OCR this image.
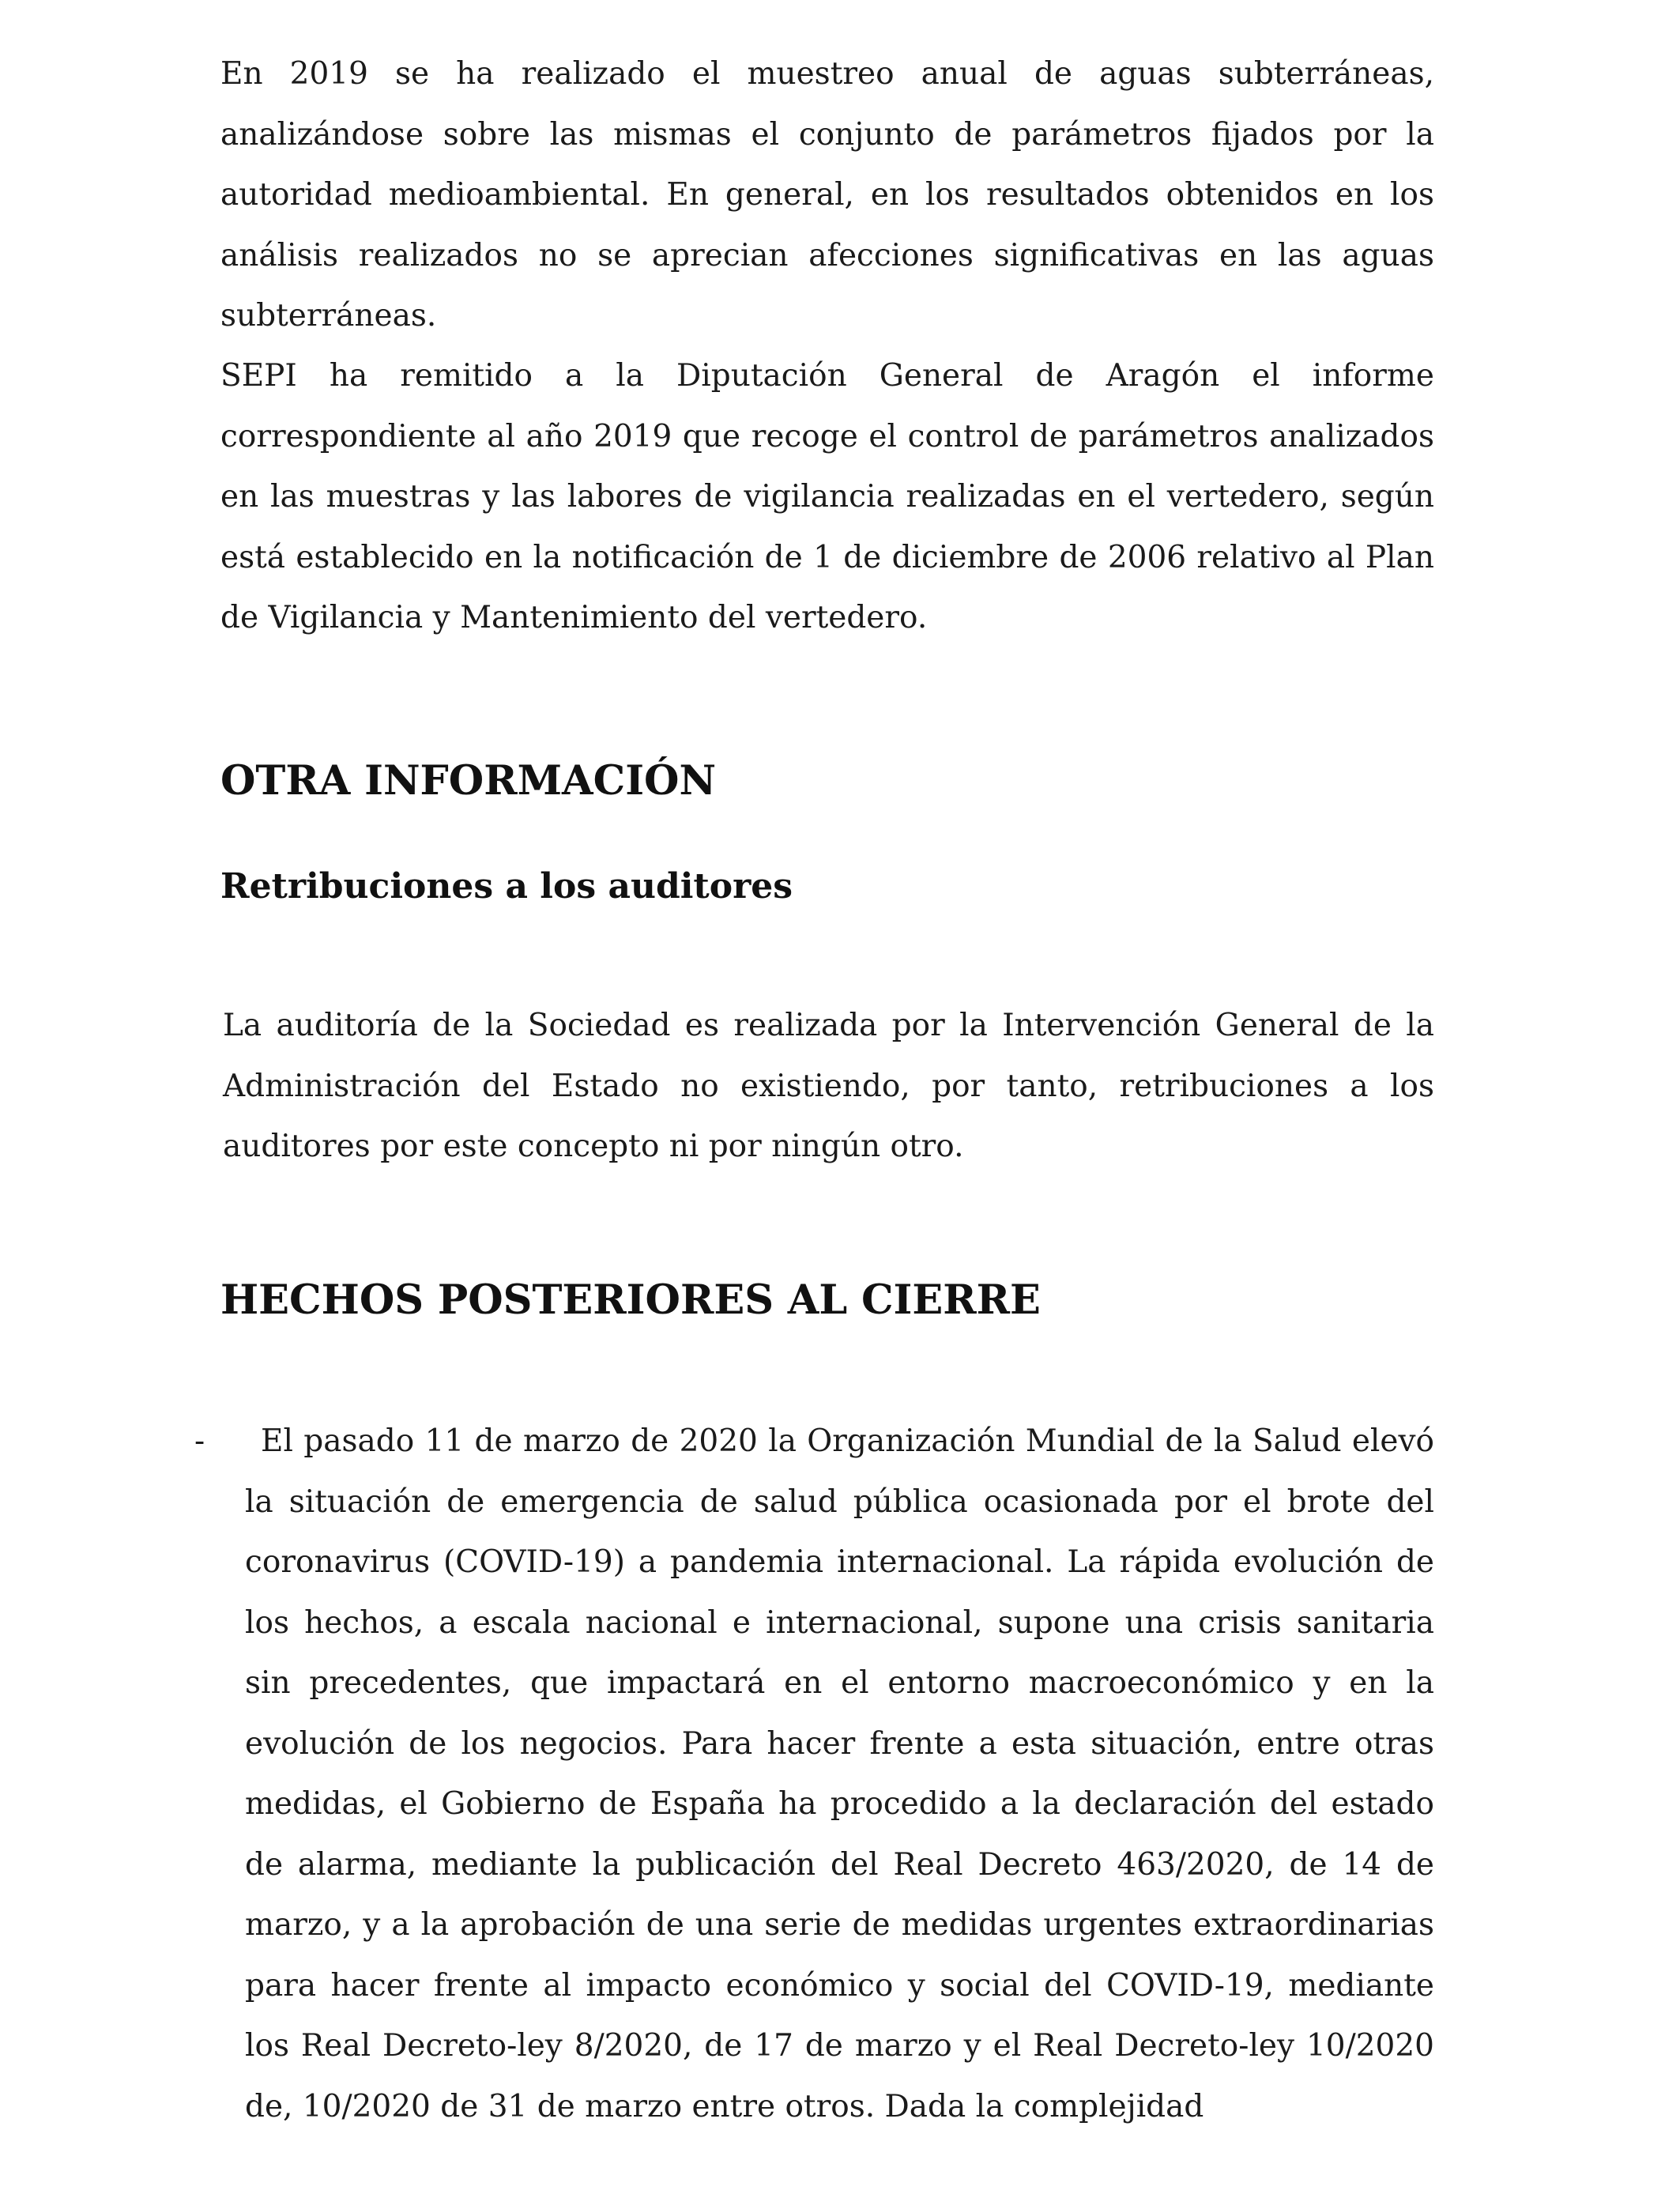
En 2019 se ha realizado el muestreo anual de aguas subterráneas, analizándose sobre las mismas el conjunto de parámetros fijados por la autoridad medioambiental. En general, en los resultados obtenidos en los análisis realizados no se aprecian afecciones significativas en las aguas subterráneas.

SEPI ha remitido a la Diputación General de Aragón el informe correspondiente al año 2019 que recoge el control de parámetros analizados en las muestras y las labores de vigilancia realizadas en el vertedero, según está establecido en la notificación de 1 de diciembre de 2006 relativo al Plan de Vigilancia y Mantenimiento del vertedero.

OTRA INFORMACIÓN
Retribuciones a los auditores

La auditoría de la Sociedad es realizada por la Intervención General de la Administración del Estado no existiendo, por tanto, retribuciones a los auditores por este concepto ni por ningún otro.

HECHOS POSTERIORES AL CIERRE
-	El pasado 11 de marzo de 2020 la Organización Mundial de la Salud elevó la situación de emergencia de salud pública ocasionada por el brote del coronavirus (COVID-19) a pandemia internacional. La rápida evolución de los hechos, a escala nacional e internacional, supone una crisis sanitaria sin precedentes, que impactará en el entorno macroeconómico y en la evolución de los negocios. Para hacer frente a esta situación, entre otras medidas, el Gobierno de España ha procedido a la declaración del estado de alarma, mediante la publicación del Real Decreto 463/2020, de 14 de marzo, y a la aprobación de una serie de medidas urgentes extraordinarias para hacer frente al impacto económico y social del COVID-19, mediante los Real Decreto-ley 8/2020, de 17 de marzo y el Real Decreto-ley 10/2020 de, 10/2020 de 31 de marzo entre otros. Dada la complejidad
